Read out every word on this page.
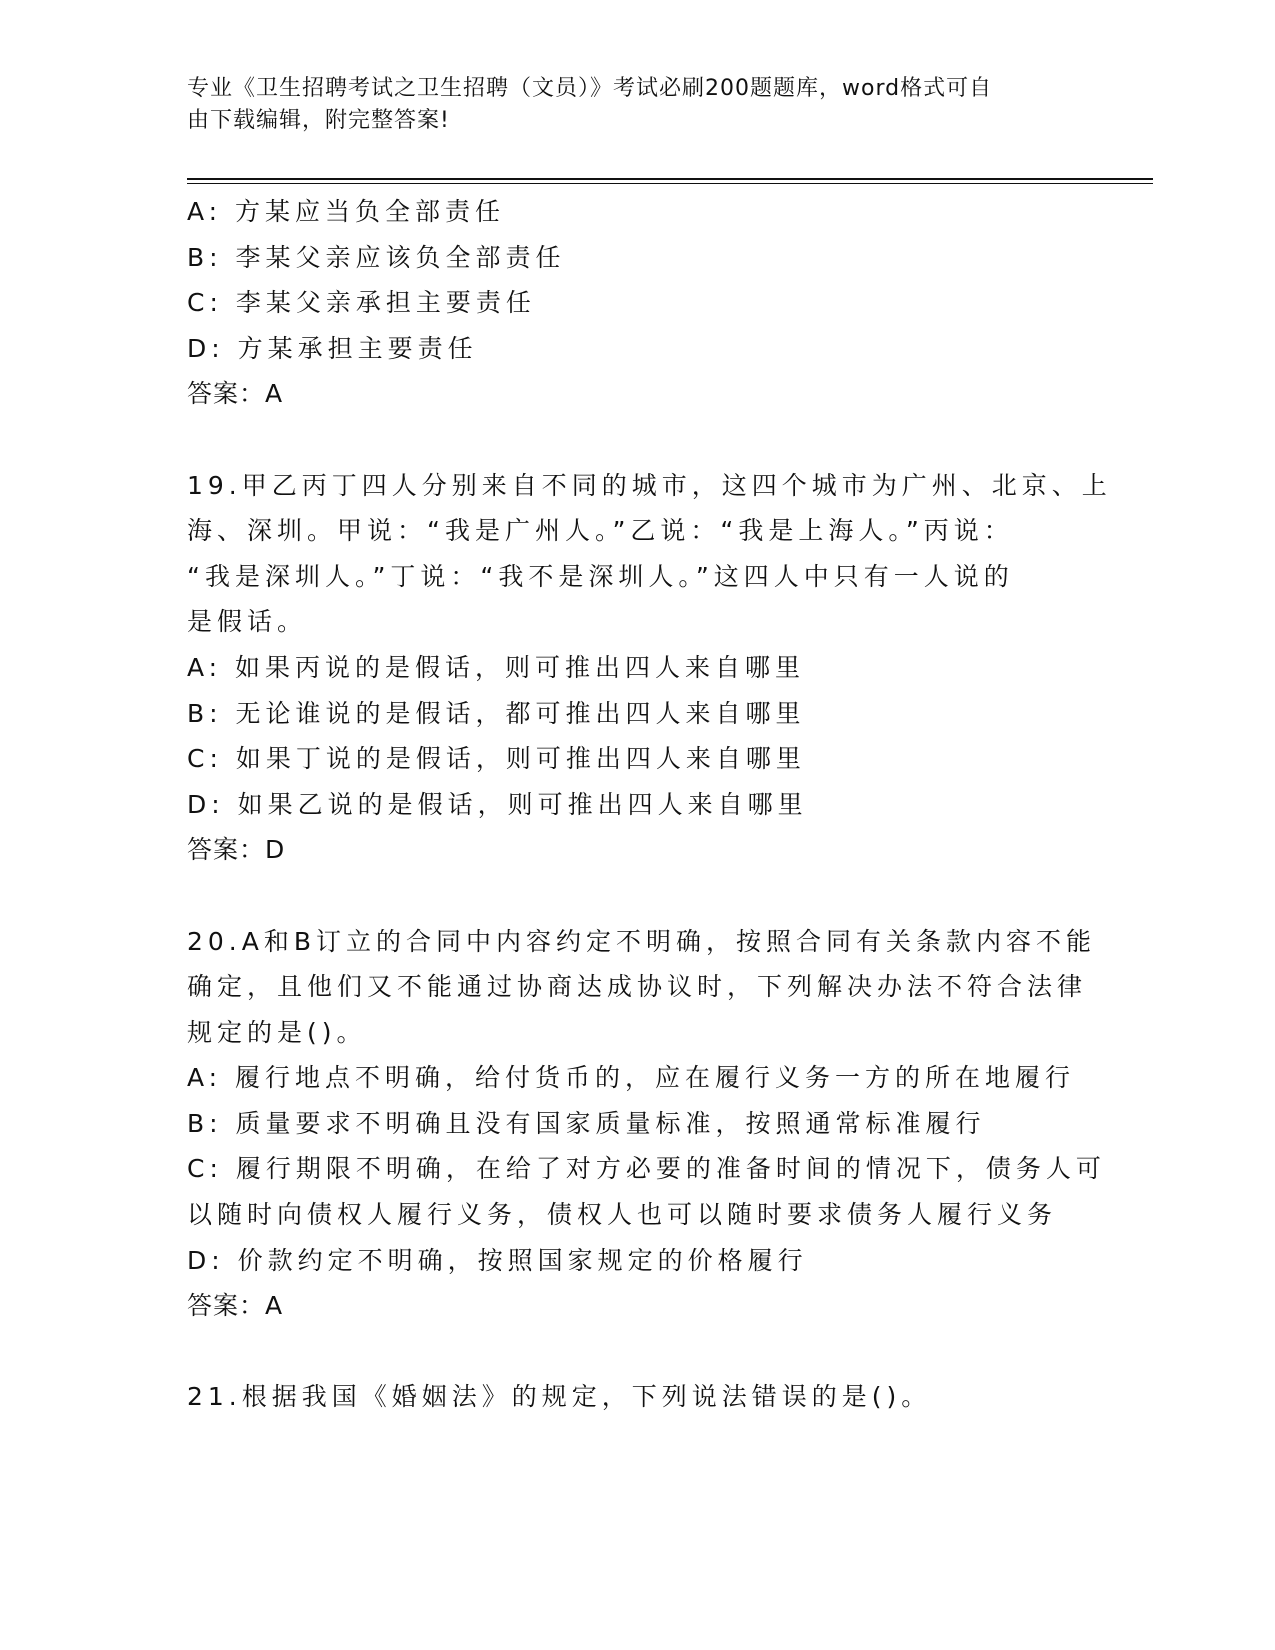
专业《卫生招聘考试之卫生招聘（文员）》考试必刷200题题库，word格式可自
由下载编辑，附完整答案!
A: 方某应当负全部责任
B: 李某父亲应该负全部责任
C: 李某父亲承担主要责任
D: 方某承担主要责任
答案：A
19.甲乙丙丁四人分别来自不同的城市，这四个城市为广州、北京、上
海、深圳。甲说：“我是广州人。”乙说：“我是上海人。”丙说：
“我是深圳人。”丁说：“我不是深圳人。”这四人中只有一人说的
是假话。
A: 如果丙说的是假话，则可推出四人来自哪里
B: 无论谁说的是假话，都可推出四人来自哪里
C: 如果丁说的是假话，则可推出四人来自哪里
D: 如果乙说的是假话，则可推出四人来自哪里
答案：D
20.A和B订立的合同中内容约定不明确，按照合同有关条款内容不能
确定，且他们又不能通过协商达成协议时，下列解决办法不符合法律
规定的是()。
A: 履行地点不明确，给付货币的，应在履行义务一方的所在地履行
B: 质量要求不明确且没有国家质量标准，按照通常标准履行
C: 履行期限不明确，在给了对方必要的准备时间的情况下，债务人可
以随时向债权人履行义务，债权人也可以随时要求债务人履行义务
D: 价款约定不明确，按照国家规定的价格履行
答案：A
21.根据我国《婚姻法》的规定，下列说法错误的是()。
